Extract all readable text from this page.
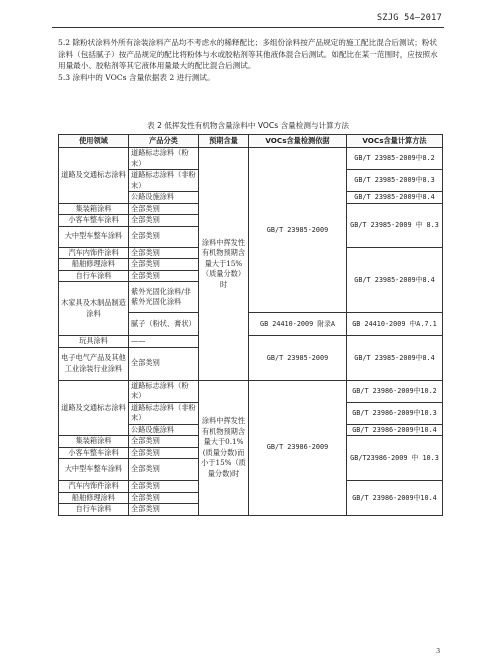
SZJG 54—2017
5.2 除粉状涂料外所有涂装涂料产品均不考虑水的稀释配比；多组份涂料按产品规定的施工配比混合后测试；粉状涂料（包括腻子）按产品规定的配比将粉体与水或胶粘剂等其他液体混合后测试。如配比在某一范围时，应按照水用量最小、胶粘剂等其它液体用量最大的配比混合后测试。
5.3 涂料中的 VOCs 含量依据表 2 进行测试。
表 2 低挥发性有机物含量涂料中 VOCs 含量检测与计算方法
使用领域	产品分类	预期含量	VOCs含量检测依据	VOCs含量计算方法
道路及交通标志涂料	道路标志涂料（粉末）	涂料中挥发性有机物预期含量大于15%（质量分数）时	GB/T 23985-2009	GB/T 23985-2009中8.2
	道路标志涂料（非粉末）			GB/T 23985-2009中8.3
	公路设施涂料			GB/T 23985-2009中8.4
集装箱涂料	全部类别			GB/T 23985-2009 中 8.3
小客车整车涂料	全部类别			
大中型车整车涂料	全部类别			
汽车内饰件涂料	全部类别			GB/T 23985-2009中8.4
船舶修理涂料	全部类别			
自行车涂料	全部类别			
木家具及木制品制造涂料	紫外光固化涂料/非紫外光固化涂料			
	腻子（粉状、膏状）		GB 24410-2009 附录A	GB 24410-2009 中A.7.1
玩具涂料	——		GB/T 23985-2009	GB/T 23985-2009中8.4
电子电气产品及其他工业涂装行业涂料	全部类别			
道路及交通标志涂料	道路标志涂料（粉末）	涂料中挥发性有机物预期含量大于0.1%(质量分数)而小于15%（质量分数)时	GB/T 23986-2009	GB/T 23986-2009中10.2
	道路标志涂料（非粉末）			GB/T 23986-2009中10.3
	公路设施涂料			GB/T 23986-2009中10.4
集装箱涂料	全部类别			GB/T23986-2009 中 10.3
小客车整车涂料	全部类别			
大中型车整车涂料	全部类别			
汽车内饰件涂料	全部类别			GB/T 23986-2009中10.4
船舶修理涂料	全部类别			
自行车涂料	全部类别			
3
